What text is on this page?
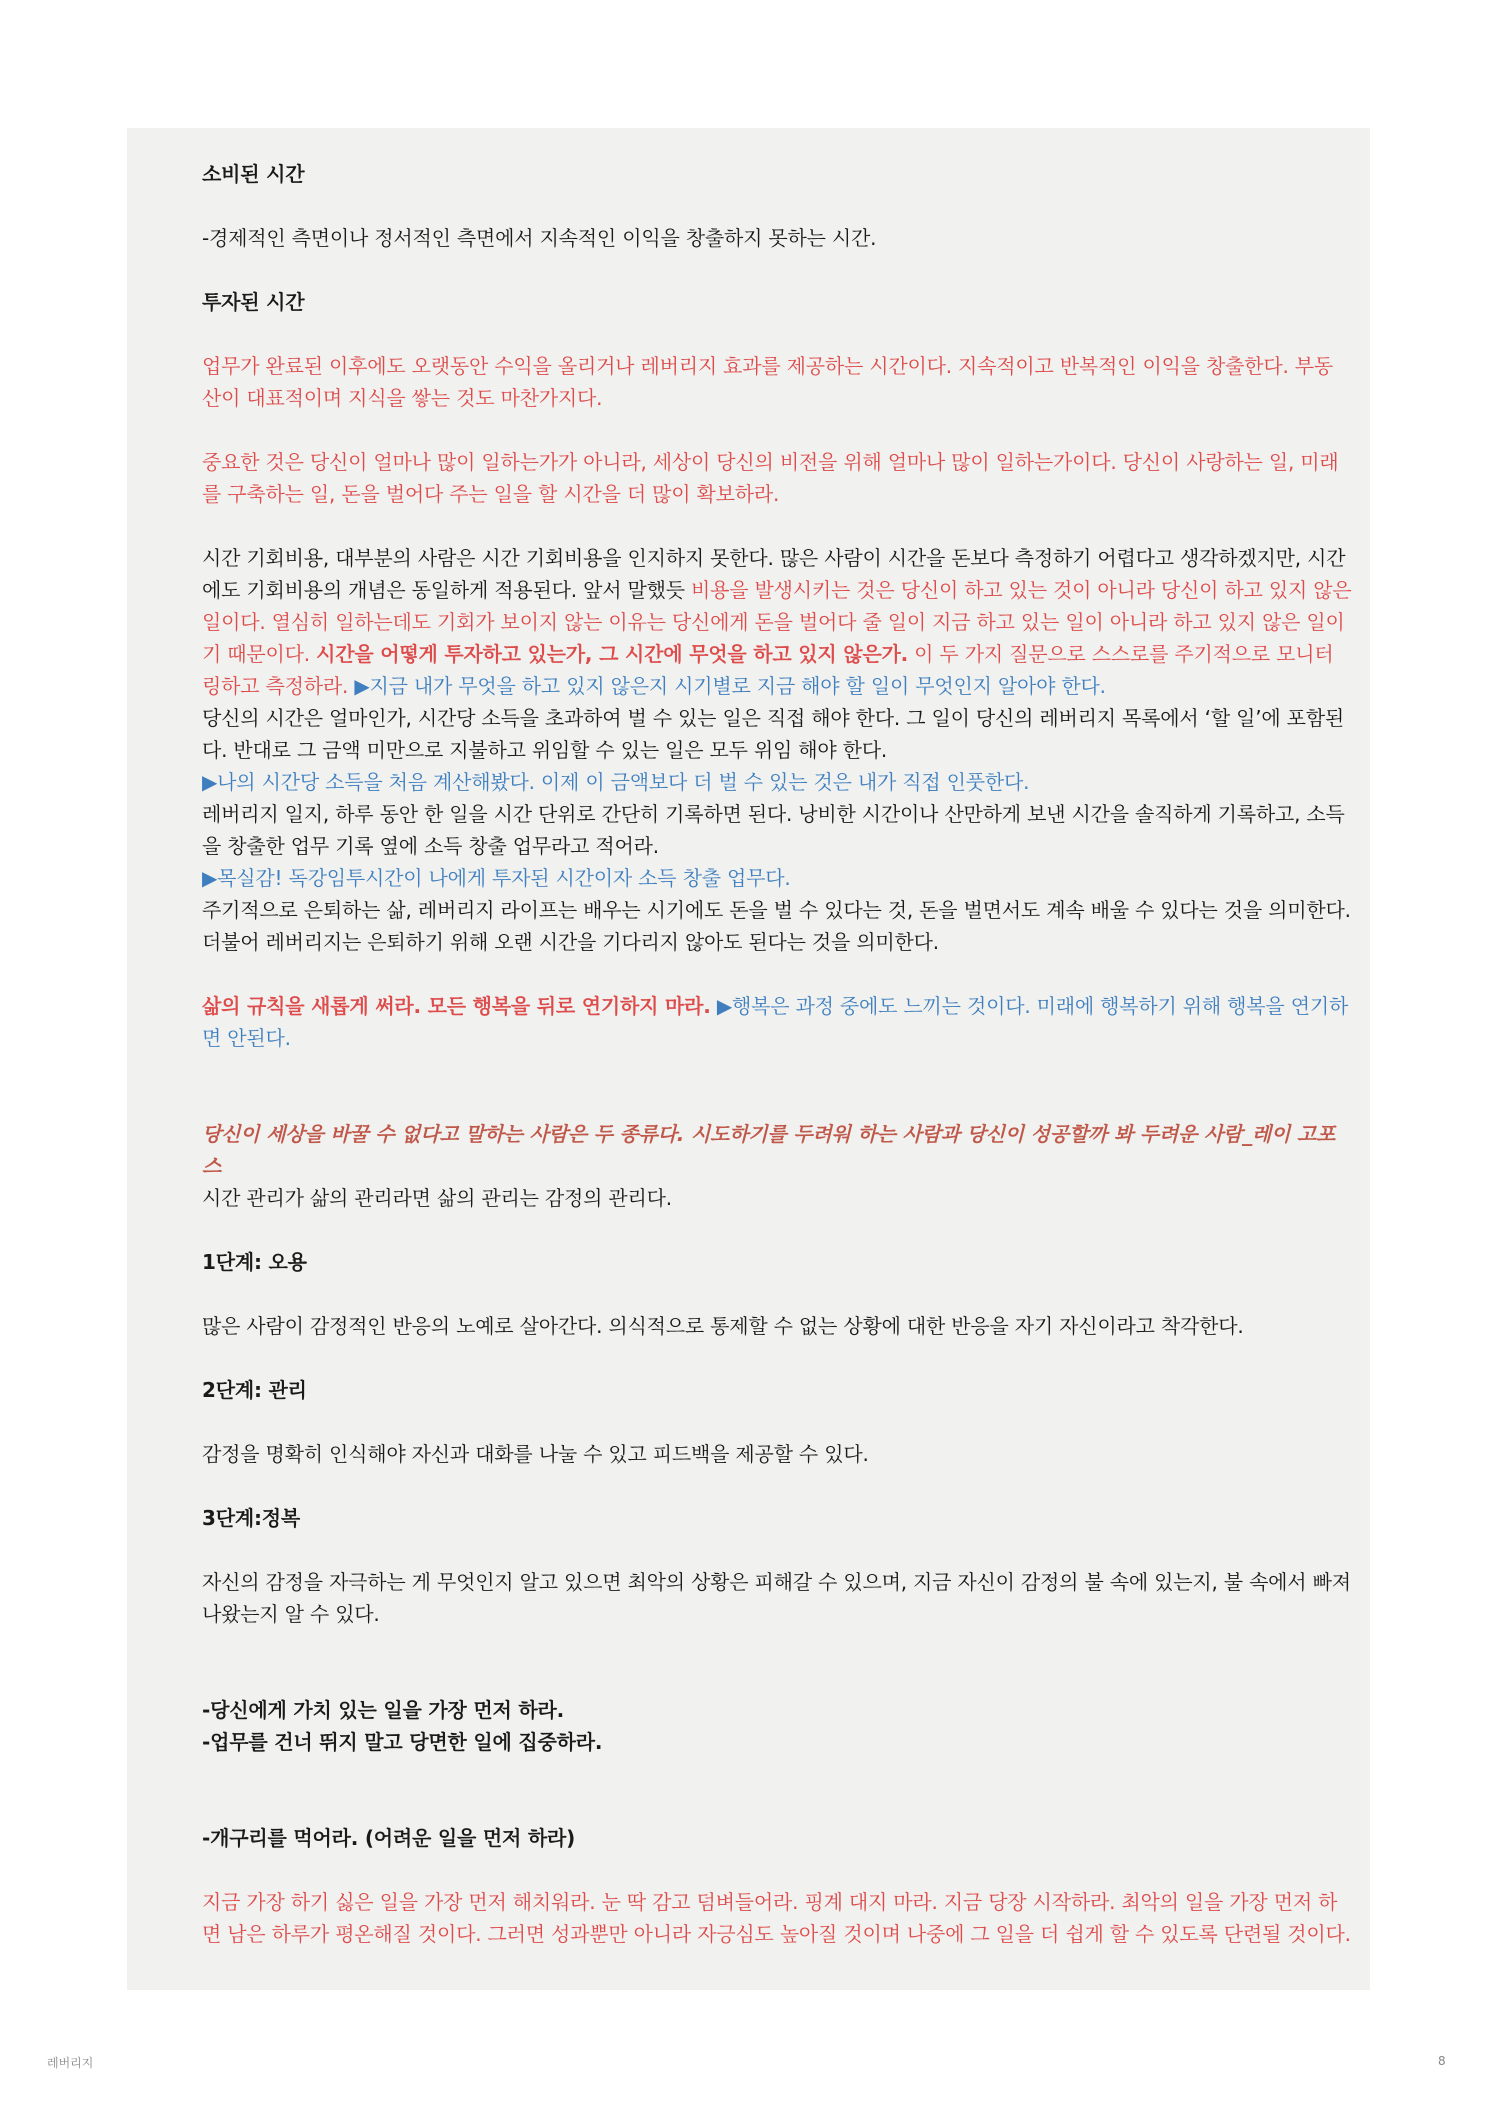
소비된 시간

-경제적인 측면이나 정서적인 측면에서 지속적인 이익을 창출하지 못하는 시간.

투자된 시간

업무가 완료된 이후에도 오랫동안 수익을 올리거나 레버리지 효과를 제공하는 시간이다. 지속적이고 반복적인 이익을 창출한다. 부동산이 대표적이며 지식을 쌓는 것도 마찬가지다.

중요한 것은 당신이 얼마나 많이 일하는가가 아니라, 세상이 당신의 비전을 위해 얼마나 많이 일하는가이다. 당신이 사랑하는 일, 미래를 구축하는 일, 돈을 벌어다 주는 일을 할 시간을 더 많이 확보하라.

시간 기회비용, 대부분의 사람은 시간 기회비용을 인지하지 못한다. 많은 사람이 시간을 돈보다 측정하기 어렵다고 생각하겠지만, 시간에도 기회비용의 개념은 동일하게 적용된다. 앞서 말했듯 비용을 발생시키는 것은 당신이 하고 있는 것이 아니라 당신이 하고 있지 않은 일이다. 열심히 일하는데도 기회가 보이지 않는 이유는 당신에게 돈을 벌어다 줄 일이 지금 하고 있는 일이 아니라 하고 있지 않은 일이기 때문이다. 시간을 어떻게 투자하고 있는가, 그 시간에 무엇을 하고 있지 않은가. 이 두 가지 질문으로 스스로를 주기적으로 모니터링하고 측정하라. ▶지금 내가 무엇을 하고 있지 않은지 시기별로 지금 해야 할 일이 무엇인지 알아야 한다.

당신의 시간은 얼마인가, 시간당 소득을 초과하여 벌 수 있는 일은 직접 해야 한다. 그 일이 당신의 레버리지 목록에서 ‘할 일’에 포함된다. 반대로 그 금액 미만으로 지불하고 위임할 수 있는 일은 모두 위임 해야 한다.

▶나의 시간당 소득을 처음 계산해봤다. 이제 이 금액보다 더 벌 수 있는 것은 내가 직접 인풋한다.

레버리지 일지, 하루 동안 한 일을 시간 단위로 간단히 기록하면 된다. 낭비한 시간이나 산만하게 보낸 시간을 솔직하게 기록하고, 소득을 창출한 업무 기록 옆에 소득 창출 업무라고 적어라.

▶목실감! 독강임투시간이 나에게 투자된 시간이자 소득 창출 업무다.

주기적으로 은퇴하는 삶, 레버리지 라이프는 배우는 시기에도 돈을 벌 수 있다는 것, 돈을 벌면서도 계속 배울 수 있다는 것을 의미한다. 더불어 레버리지는 은퇴하기 위해 오랜 시간을 기다리지 않아도 된다는 것을 의미한다.

삶의 규칙을 새롭게 써라. 모든 행복을 뒤로 연기하지 마라. ▶행복은 과정 중에도 느끼는 것이다. 미래에 행복하기 위해 행복을 연기하면 안된다.

당신이 세상을 바꿀 수 없다고 말하는 사람은 두 종류다. 시도하기를 두려워 하는 사람과 당신이 성공할까 봐 두려운 사람_레이 고포스

시간 관리가 삶의 관리라면 삶의 관리는 감정의 관리다.

1단계: 오용

많은 사람이 감정적인 반응의 노예로 살아간다. 의식적으로 통제할 수 없는 상황에 대한 반응을 자기 자신이라고 착각한다.

2단계: 관리

감정을 명확히 인식해야 자신과 대화를 나눌 수 있고 피드백을 제공할 수 있다.

3단계:정복

자신의 감정을 자극하는 게 무엇인지 알고 있으면 최악의 상황은 피해갈 수 있으며, 지금 자신이 감정의 불 속에 있는지, 불 속에서 빠져나왔는지 알 수 있다.

-당신에게 가치 있는 일을 가장 먼저 하라.

-업무를 건너 뛰지 말고 당면한 일에 집중하라.

-개구리를 먹어라. (어려운 일을 먼저 하라)

지금 가장 하기 싫은 일을 가장 먼저 해치워라. 눈 딱 감고 덤벼들어라. 핑계 대지 마라. 지금 당장 시작하라. 최악의 일을 가장 먼저 하면 남은 하루가 평온해질 것이다. 그러면 성과뿐만 아니라 자긍심도 높아질 것이며 나중에 그 일을 더 쉽게 할 수 있도록 단련될 것이다.

레버리지	8
